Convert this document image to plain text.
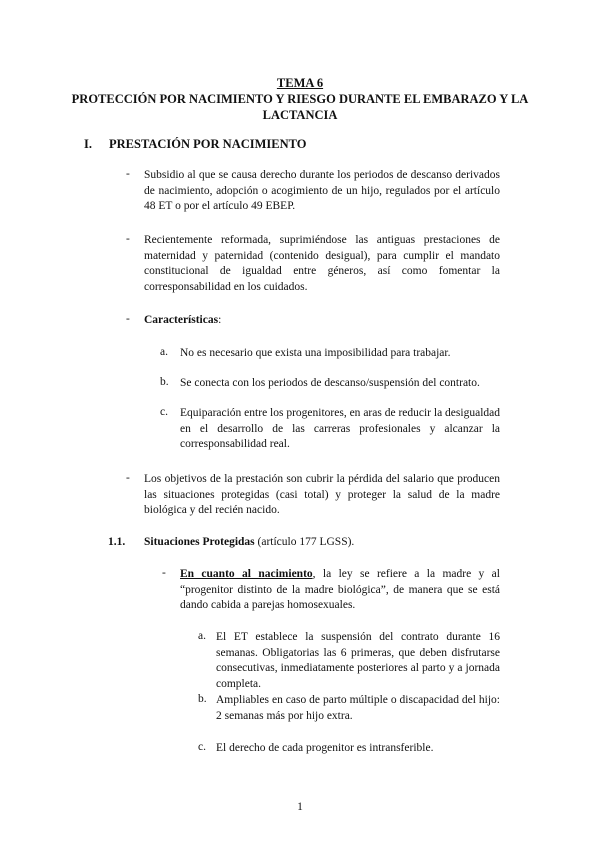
TEMA 6
PROTECCIÓN POR NACIMIENTO Y RIESGO DURANTE EL EMBARAZO Y LA
LACTANCIA
I. PRESTACIÓN POR NACIMIENTO
- Subsidio al que se causa derecho durante los periodos de descanso derivados de nacimiento, adopción o acogimiento de un hijo, regulados por el artículo 48 ET o por el artículo 49 EBEP.
- Recientemente reformada, suprimiéndose las antiguas prestaciones de maternidad y paternidad (contenido desigual), para cumplir el mandato constitucional de igualdad entre géneros, así como fomentar la corresponsabilidad en los cuidados.
- Características:
a. No es necesario que exista una imposibilidad para trabajar.
b. Se conecta con los periodos de descanso/suspensión del contrato.
c. Equiparación entre los progenitores, en aras de reducir la desigualdad en el desarrollo de las carreras profesionales y alcanzar la corresponsabilidad real.
- Los objetivos de la prestación son cubrir la pérdida del salario que producen las situaciones protegidas (casi total) y proteger la salud de la madre biológica y del recién nacido.
1.1. Situaciones Protegidas (artículo 177 LGSS).
- En cuanto al nacimiento, la ley se refiere a la madre y al “progenitor distinto de la madre biológica”, de manera que se está dando cabida a parejas homosexuales.
a. El ET establece la suspensión del contrato durante 16 semanas. Obligatorias las 6 primeras, que deben disfrutarse consecutivas, inmediatamente posteriores al parto y a jornada completa.
b. Ampliables en caso de parto múltiple o discapacidad del hijo: 2 semanas más por hijo extra.
c. El derecho de cada progenitor es intransferible.
1
